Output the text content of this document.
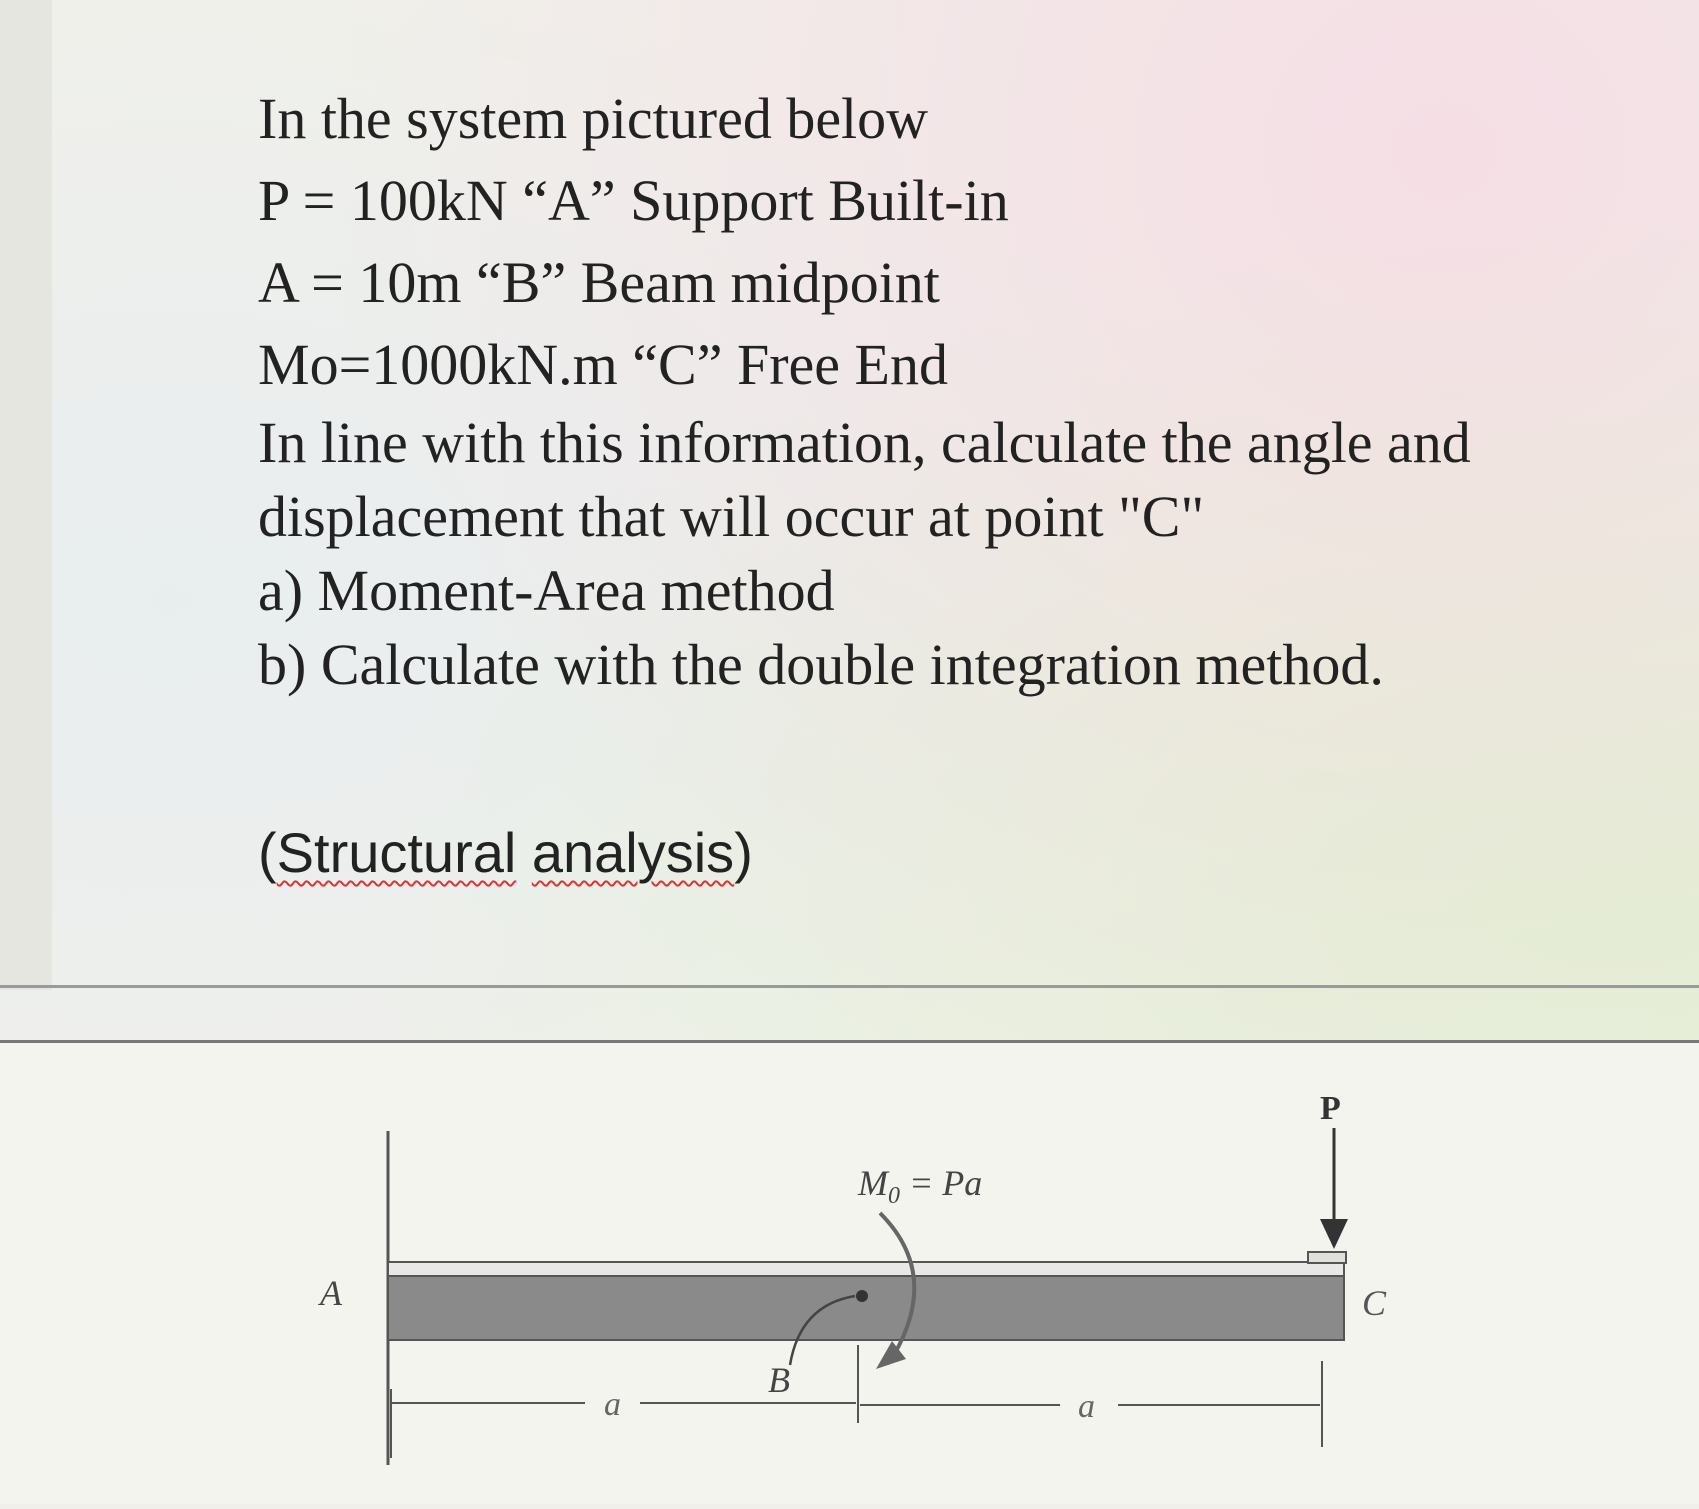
In the system pictured below
P = 100kN “A” Support Built-in
A = 10m “B” Beam midpoint
Mo=1000kN.m “C” Free End
In line with this information, calculate the angle and
displacement that will occur at point "C"
a) Moment-Area method
b) Calculate with the double integration method.
(Structural analysis)
A
B
C
P
$M_0 = Pa$
a	a
